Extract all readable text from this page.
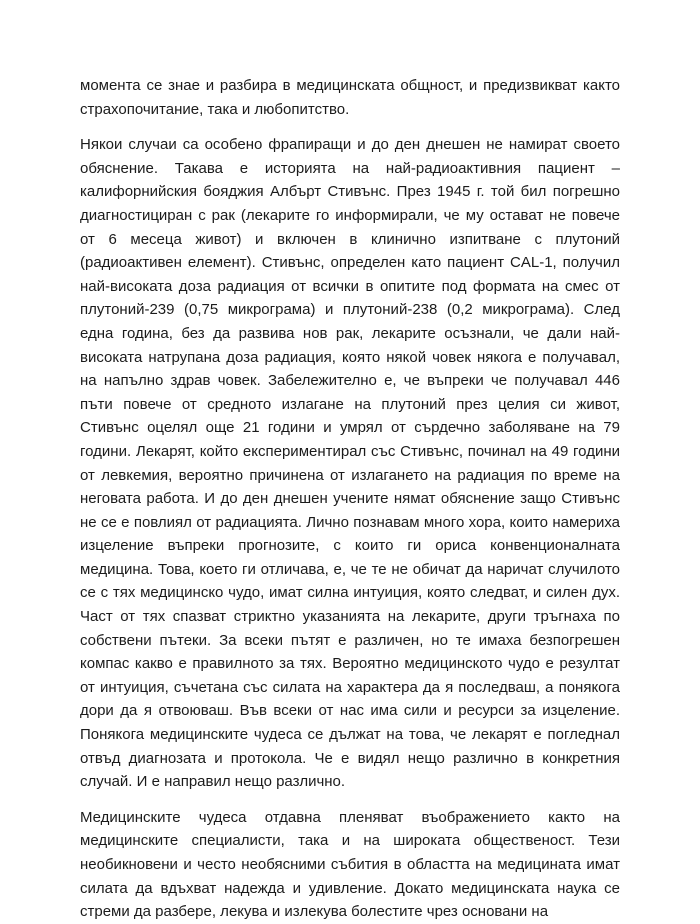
момента се знае и разбира в медицинската общност, и предизвикват както страхопочитание, така и любопитство.

Някои случаи са особено фрапиращи и до ден днешен не намират своето обяснение. Такава е историята на най-радиоактивния пациент – калифорнийския бояджия Албърт Стивънс. През 1945 г. той бил погрешно диагностициран с рак (лекарите го информирали, че му остават не повече от 6 месеца живот) и включен в клинично изпитване с плутоний (радиоактивен елемент). Стивънс, определен като пациент CAL-1, получил най-високата доза радиация от всички в опитите под формата на смес от плутоний-239 (0,75 микрограма) и плутоний-238 (0,2 микрограма). След една година, без да развива нов рак, лекарите осъзнали, че дали най-високата натрупана доза радиация, която някой човек някога е получавал, на напълно здрав човек. Забележително е, че въпреки че получавал 446 пъти повече от средното излагане на плутоний през целия си живот, Стивънс оцелял още 21 години и умрял от сърдечно заболяване на 79 години. Лекарят, който експериментирал със Стивънс, починал на 49 години от левкемия, вероятно причинена от излагането на радиация по време на неговата работа. И до ден днешен учените нямат обяснение защо Стивънс не се е повлиял от радиацията. Лично познавам много хора, които намериха изцеление въпреки прогнозите, с които ги ориса конвенционалната медицина. Това, което ги отличава, е, че те не обичат да наричат случилото се с тях медицинско чудо, имат силна интуиция, която следват, и силен дух. Част от тях спазват стриктно указанията на лекарите, други тръгнаха по собствени пътеки. За всеки пътят е различен, но те имаха безпогрешен компас какво е правилното за тях. Вероятно медицинското чудо е резултат от интуиция, съчетана със силата на характера да я последваш, а понякога дори да я отвоюваш. Във всеки от нас има сили и ресурси за изцеление. Понякога медицинските чудеса се дължат на това, че лекарят е погледнал отвъд диагнозата и протокола. Че е видял нещо различно в конкретния случай. И е направил нещо различно.

Медицинските чудеса отдавна пленяват въображението както на медицинските специалисти, така и на широката общественост. Тези необикновени и често необясними събития в областта на медицината имат силата да вдъхват надежда и удивление. Докато медицинската наука се стреми да разбере, лекува и излекува болестите чрез основани на
